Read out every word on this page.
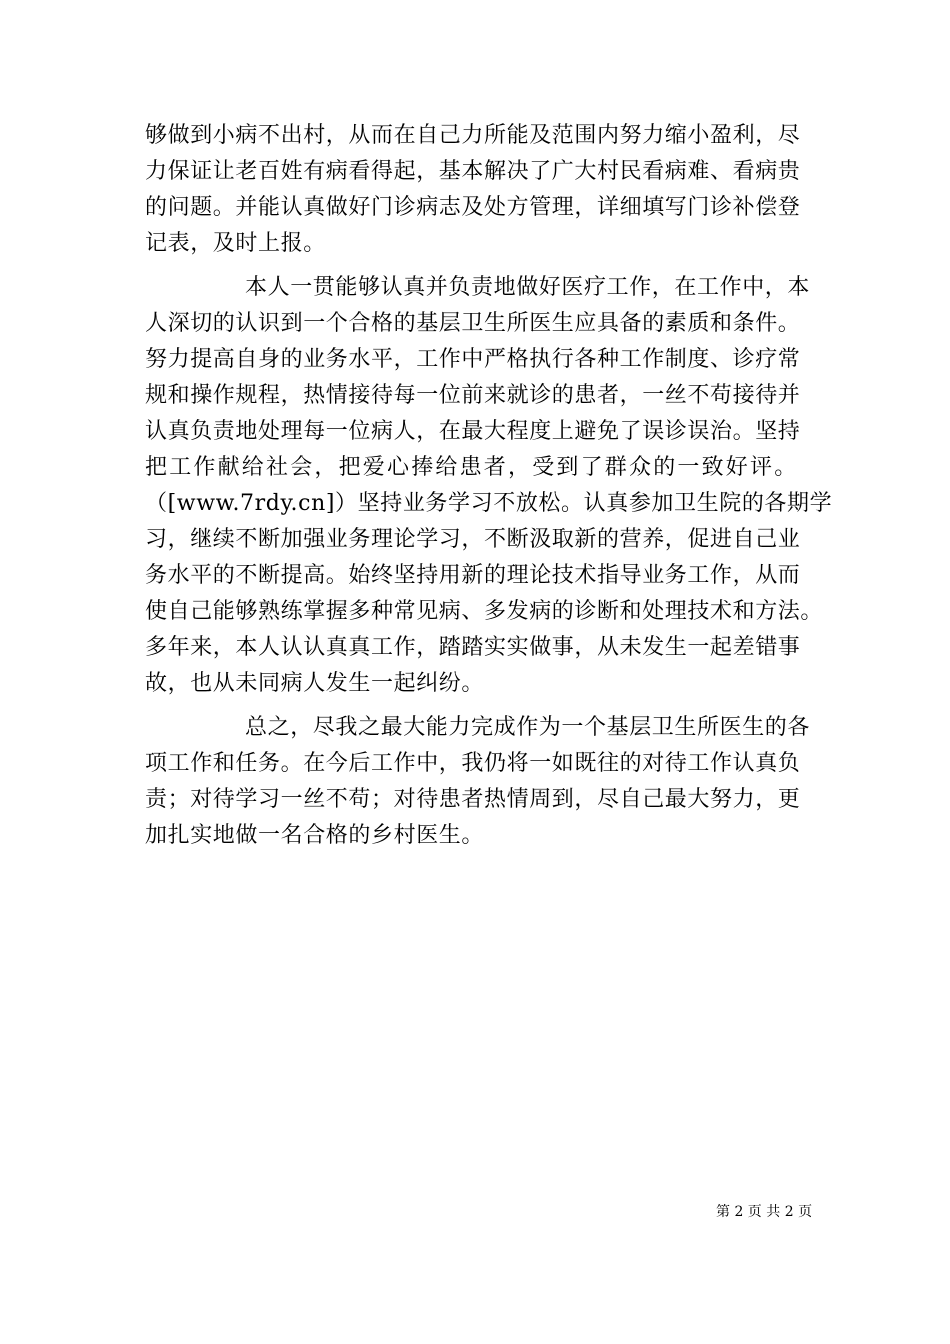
够做到小病不出村，从而在自己力所能及范围内努力缩小盈利，尽
力保证让老百姓有病看得起，基本解决了广大村民看病难、看病贵
的问题。并能认真做好门诊病志及处方管理，详细填写门诊补偿登
记表，及时上报。
本人一贯能够认真并负责地做好医疗工作，在工作中，本
人深切的认识到一个合格的基层卫生所医生应具备的素质和条件。
努力提高自身的业务水平，工作中严格执行各种工作制度、诊疗常
规和操作规程，热情接待每一位前来就诊的患者，一丝不苟接待并
认真负责地处理每一位病人，在最大程度上避免了误诊误治。坚持
把工作献给社会，把爱心捧给患者，受到了群众的一致好评。
（[www.7rdy.cn]）坚持业务学习不放松。认真参加卫生院的各期学
习，继续不断加强业务理论学习，不断汲取新的营养，促进自己业
务水平的不断提高。始终坚持用新的理论技术指导业务工作，从而
使自己能够熟练掌握多种常见病、多发病的诊断和处理技术和方法。
多年来，本人认认真真工作，踏踏实实做事，从未发生一起差错事
故，也从未同病人发生一起纠纷。
总之，尽我之最大能力完成作为一个基层卫生所医生的各
项工作和任务。在今后工作中，我仍将一如既往的对待工作认真负
责；对待学习一丝不苟；对待患者热情周到，尽自己最大努力，更
加扎实地做一名合格的乡村医生。
第 2 页 共 2 页
